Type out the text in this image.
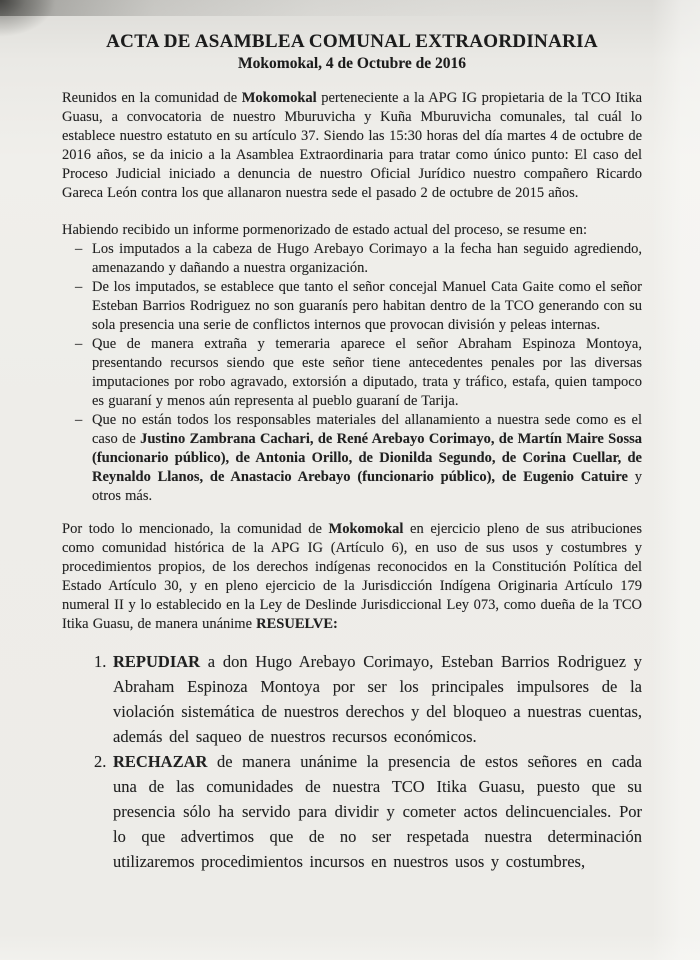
ACTA DE ASAMBLEA COMUNAL EXTRAORDINARIA
Mokomokal, 4 de Octubre de 2016
Reunidos en la comunidad de Mokomokal perteneciente a la APG IG propietaria de la TCO Itika Guasu, a convocatoria de nuestro Mburuvicha y Kuña Mburuvicha comunales, tal cuál lo establece nuestro estatuto en su artículo 37. Siendo las 15:30 horas del día martes 4 de octubre de 2016 años, se da inicio a la Asamblea Extraordinaria para tratar como único punto: El caso del Proceso Judicial iniciado a denuncia de nuestro Oficial Jurídico nuestro compañero Ricardo Gareca León contra los que allanaron nuestra sede el pasado 2 de octubre de 2015 años.
Habiendo recibido un informe pormenorizado de estado actual del proceso, se resume en:
– Los imputados a la cabeza de Hugo Arebayo Corimayo a la fecha han seguido agrediendo, amenazando y dañando a nuestra organización.
– De los imputados, se establece que tanto el señor concejal Manuel Cata Gaite como el señor Esteban Barrios Rodriguez no son guaranís pero habitan dentro de la TCO generando con su sola presencia una serie de conflictos internos que provocan división y peleas internas.
– Que de manera extraña y temeraria aparece el señor Abraham Espinoza Montoya, presentando recursos siendo que este señor tiene antecedentes penales por las diversas imputaciones por robo agravado, extorsión a diputado, trata y tráfico, estafa, quien tampoco es guaraní y menos aún representa al pueblo guaraní de Tarija.
– Que no están todos los responsables materiales del allanamiento a nuestra sede como es el caso de Justino Zambrana Cachari, de René Arebayo Corimayo, de Martín Maire Sossa (funcionario público), de Antonia Orillo, de Dionilda Segundo, de Corina Cuellar, de Reynaldo Llanos, de Anastacio Arebayo (funcionario público), de Eugenio Catuire y otros más.
Por todo lo mencionado, la comunidad de Mokomokal en ejercicio pleno de sus atribuciones como comunidad histórica de la APG IG (Artículo 6), en uso de sus usos y costumbres y procedimientos propios, de los derechos indígenas reconocidos en la Constitución Política del Estado Artículo 30, y en pleno ejercicio de la Jurisdicción Indígena Originaria Artículo 179 numeral II y lo establecido en la Ley de Deslinde Jurisdiccional Ley 073, como dueña de la TCO Itika Guasu, de manera unánime RESUELVE:
1. REPUDIAR a don Hugo Arebayo Corimayo, Esteban Barrios Rodriguez y Abraham Espinoza Montoya por ser los principales impulsores de la violación sistemática de nuestros derechos y del bloqueo a nuestras cuentas, además del saqueo de nuestros recursos económicos.
2. RECHAZAR de manera unánime la presencia de estos señores en cada una de las comunidades de nuestra TCO Itika Guasu, puesto que su presencia sólo ha servido para dividir y cometer actos delincuenciales. Por lo que advertimos que de no ser respetada nuestra determinación utilizaremos procedimientos incursos en nuestros usos y costumbres,
